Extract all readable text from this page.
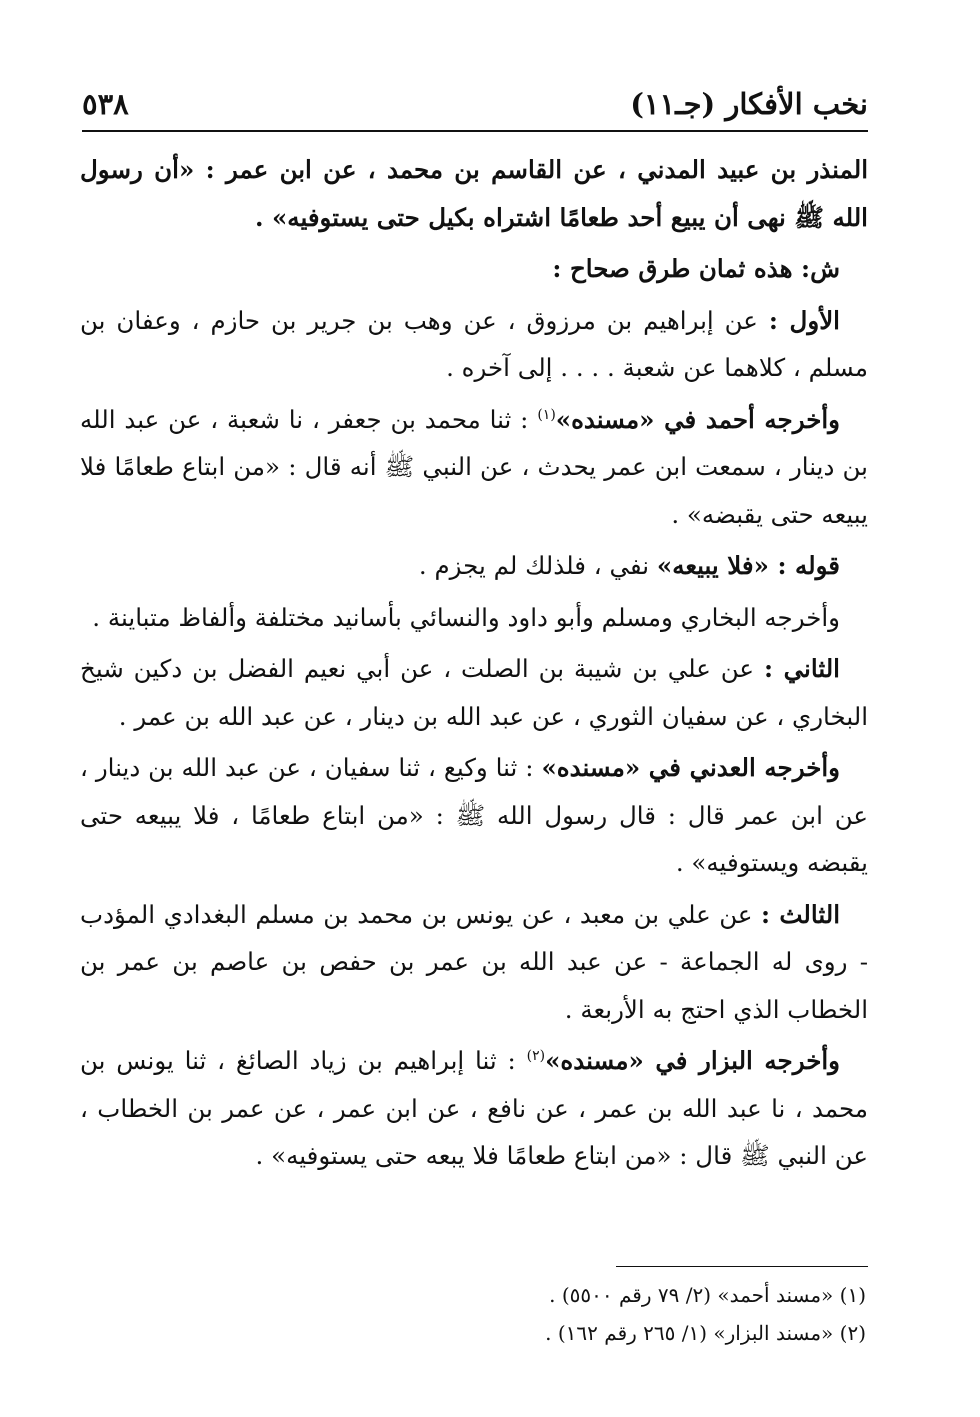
٥٣٨	نخب الأفكار (جـ١١)

المنذر بن عبيد المدني ، عن القاسم بن محمد ، عن ابن عمر : «أن رسول الله ﷺ نهى أن يبيع أحد طعامًا اشتراه بكيل حتى يستوفيه» .

ش: هذه ثمان طرق صحاح :

الأول : عن إبراهيم بن مرزوق ، عن وهب بن جرير بن حازم ، وعفان بن مسلم ، كلاهما عن شعبة . . . . إلى آخره .

وأخرجه أحمد في «مسنده»$^{(١)}$ : ثنا محمد بن جعفر ، نا شعبة ، عن عبد الله بن دينار ، سمعت ابن عمر يحدث ، عن النبي ﷺ أنه قال : «من ابتاع طعامًا فلا يبيعه حتى يقبضه» .

قوله : «فلا يبيعه» نفي ، فلذلك لم يجزم .

وأخرجه البخاري ومسلم وأبو داود والنسائي بأسانيد مختلفة وألفاظ متباينة .

الثاني : عن علي بن شيبة بن الصلت ، عن أبي نعيم الفضل بن دكين شيخ البخاري ، عن سفيان الثوري ، عن عبد الله بن دينار ، عن عبد الله بن عمر .

وأخرجه العدني في «مسنده» : ثنا وكيع ، ثنا سفيان ، عن عبد الله بن دينار ، عن ابن عمر قال : قال رسول الله ﷺ : «من ابتاع طعامًا ، فلا يبيعه حتى يقبضه ويستوفيه» .

الثالث : عن علي بن معبد ، عن يونس بن محمد بن مسلم البغدادي المؤدب - روى له الجماعة - عن عبد الله بن عمر بن حفص بن عاصم بن عمر بن الخطاب الذي احتج به الأربعة .

وأخرجه البزار في «مسنده»$^{(٢)}$ : ثنا إبراهيم بن زياد الصائغ ، ثنا يونس بن محمد ، نا عبد الله بن عمر ، عن نافع ، عن ابن عمر ، عن عمر بن الخطاب ، عن النبي ﷺ قال : «من ابتاع طعامًا فلا يبعه حتى يستوفيه» .

(١) «مسند أحمد» (٢/ ٧٩ رقم ٥٥٠٠) .
(٢) «مسند البزار» (١/ ٢٦٥ رقم ١٦٢) .
